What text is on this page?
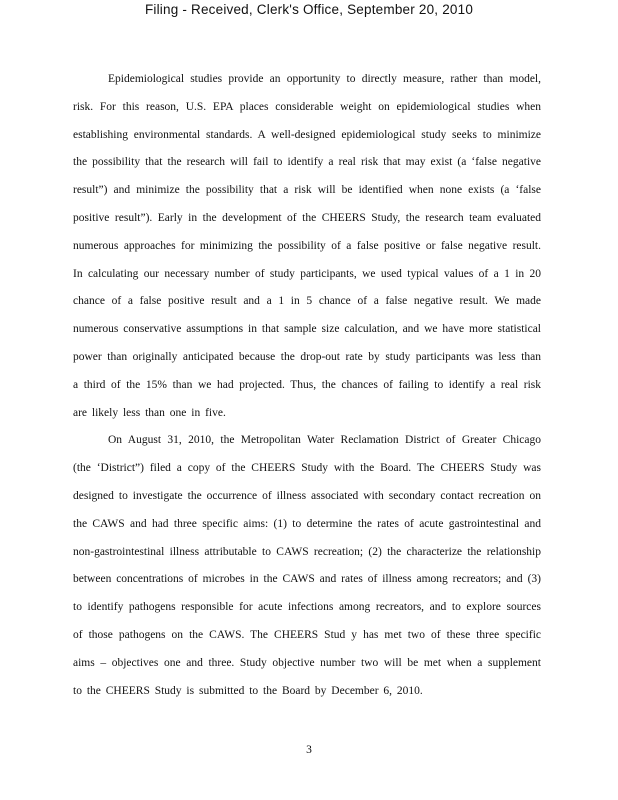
Filing - Received, Clerk's Office, September 20, 2010

Epidemiological studies provide an opportunity to directly measure, rather than model, risk. For this reason, U.S. EPA places considerable weight on epidemiological studies when establishing environmental standards. A well-designed epidemiological study seeks to minimize the possibility that the research will fail to identify a real risk that may exist (a ‘false negative result”) and minimize the possibility that a risk will be identified when none exists (a ‘false positive result”). Early in the development of the CHEERS Study, the research team evaluated numerous approaches for minimizing the possibility of a false positive or false negative result. In calculating our necessary number of study participants, we used typical values of a 1 in 20 chance of a false positive result and a 1 in 5 chance of a false negative result. We made numerous conservative assumptions in that sample size calculation, and we have more statistical power than originally anticipated because the drop-out rate by study participants was less than a third of the 15% than we had projected. Thus, the chances of failing to identify a real risk are likely less than one in five.

On August 31, 2010, the Metropolitan Water Reclamation District of Greater Chicago (the ‘District”) filed a copy of the CHEERS Study with the Board. The CHEERS Study was designed to investigate the occurrence of illness associated with secondary contact recreation on the CAWS and had three specific aims: (1) to determine the rates of acute gastrointestinal and non-gastrointestinal illness attributable to CAWS recreation; (2) the characterize the relationship between concentrations of microbes in the CAWS and rates of illness among recreators; and (3) to identify pathogens responsible for acute infections among recreators, and to explore sources of those pathogens on the CAWS. The CHEERS Stud y has met two of these three specific aims – objectives one and three. Study objective number two will be met when a supplement to the CHEERS Study is submitted to the Board by December 6, 2010.

3
